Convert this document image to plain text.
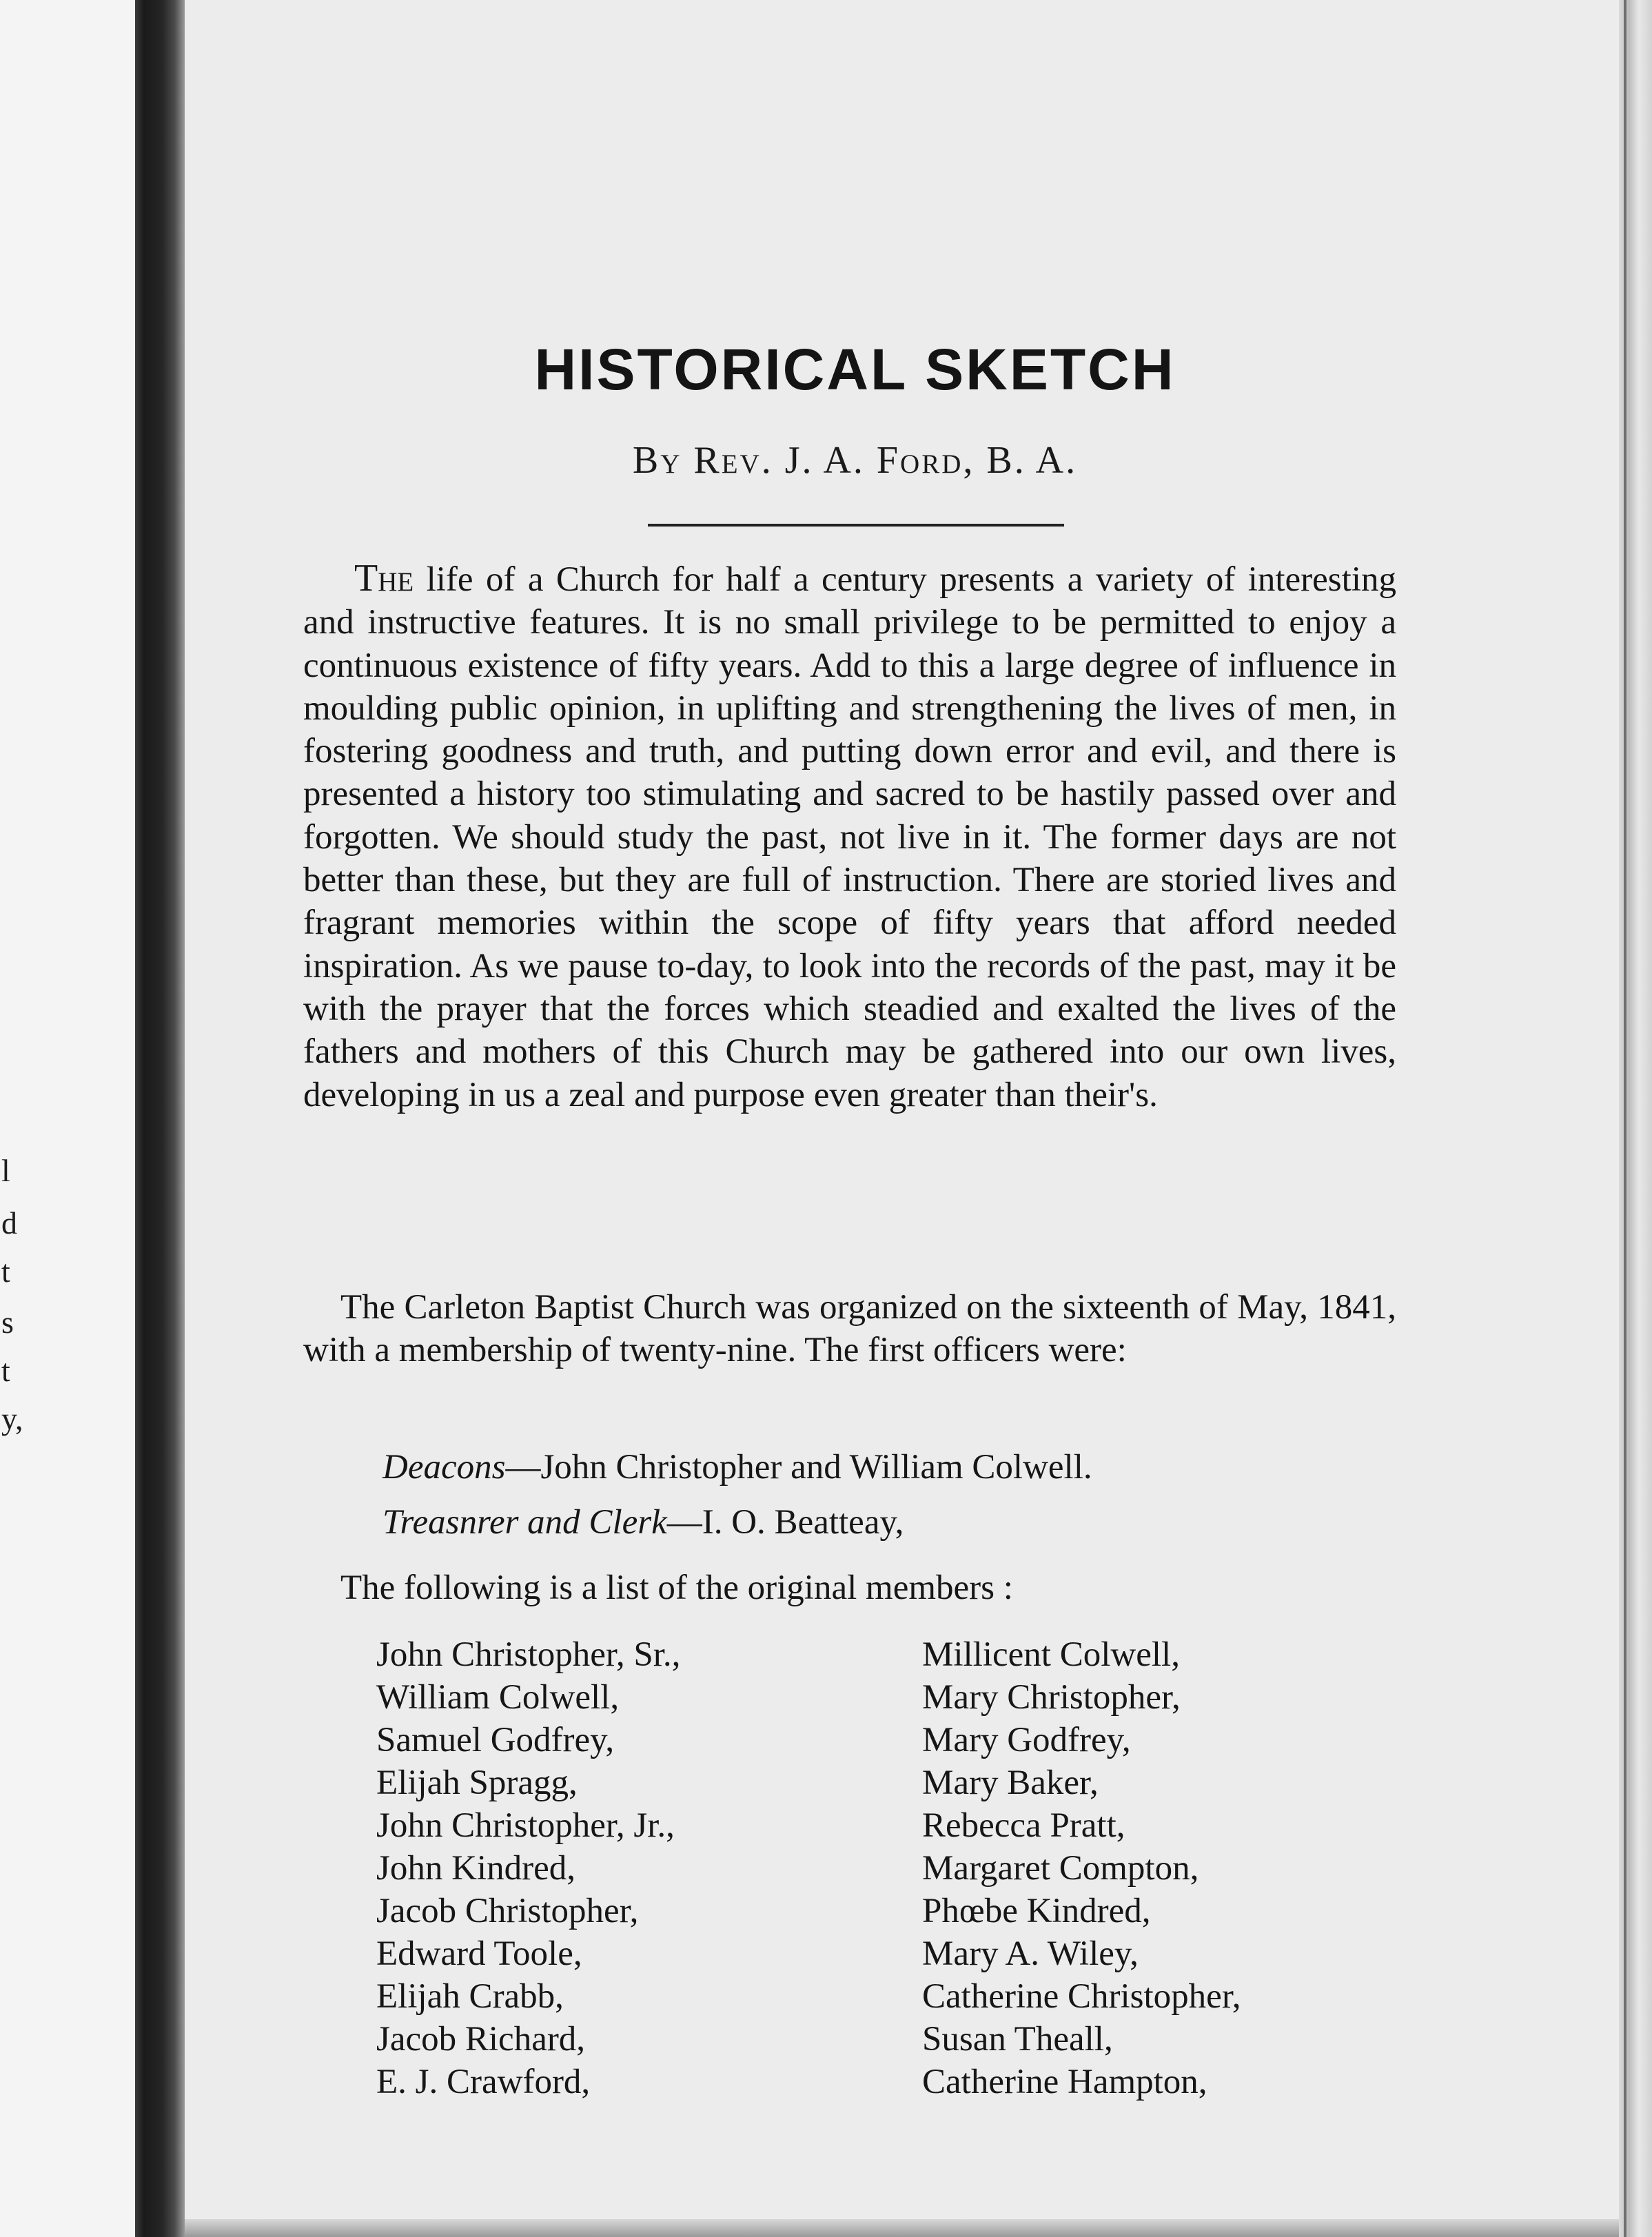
l
d
t
s
t
y,
HISTORICAL SKETCH

By Rev. J. A. Ford, B. A.

The life of a Church for half a century presents a variety of interesting and instructive features. It is no small privilege to be permitted to enjoy a continuous existence of fifty years. Add to this a large degree of influence in moulding public opinion, in uplifting and strengthening the lives of men, in fostering goodness and truth, and putting down error and evil, and there is presented a history too stimulating and sacred to be hastily passed over and forgotten. We should study the past, not live in it. The former days are not better than these, but they are full of instruction. There are storied lives and fragrant memories within the scope of fifty years that afford needed inspiration. As we pause to-day, to look into the records of the past, may it be with the prayer that the forces which steadied and exalted the lives of the fathers and mothers of this Church may be gathered into our own lives, developing in us a zeal and purpose even greater than their's.

The Carleton Baptist Church was organized on the sixteenth of May, 1841, with a membership of twenty-nine. The first officers were:

Deacons—John Christopher and William Colwell.

Treasnrer and Clerk—I. O. Beatteay,

The following is a list of the original members :

John Christopher, Sr.,
William Colwell,
Samuel Godfrey,
Elijah Spragg,
John Christopher, Jr.,
John Kindred,
Jacob Christopher,
Edward Toole,
Elijah Crabb,
Jacob Richard,
E. J. Crawford,
Millicent Colwell,
Mary Christopher,
Mary Godfrey,
Mary Baker,
Rebecca Pratt,
Margaret Compton,
Phœbe Kindred,
Mary A. Wiley,
Catherine Christopher,
Susan Theall,
Catherine Hampton,
